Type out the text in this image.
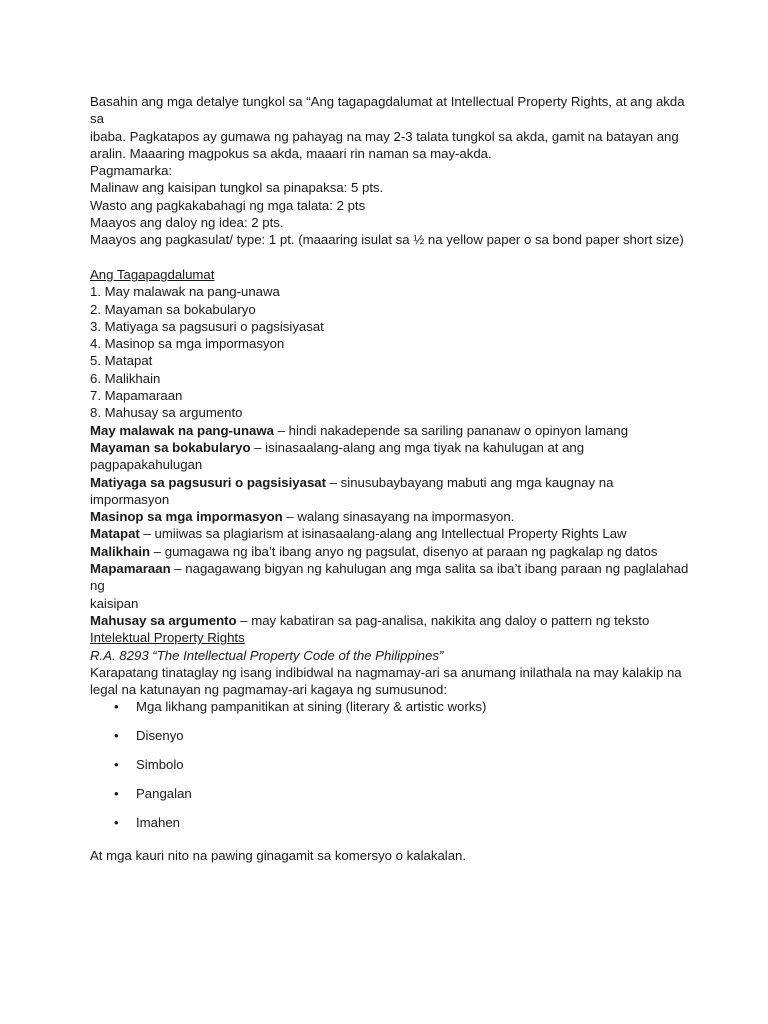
Basahin ang mga detalye tungkol sa “Ang tagapagdalumat at Intellectual Property Rights, at ang akda sa

ibaba. Pagkatapos ay gumawa ng pahayag na may 2-3 talata tungkol sa akda, gamit na batayan ang

aralin. Maaaring magpokus sa akda, maaari rin naman sa may-akda.

Pagmamarka:

Malinaw ang kaisipan tungkol sa pinapaksa: 5 pts.

Wasto ang pagkakabahagi ng mga talata: 2 pts

Maayos ang daloy ng idea: 2 pts.

Maayos ang pagkasulat/ type: 1 pt. (maaaring isulat sa ½ na yellow paper o sa bond paper short size)

Ang Tagapagdalumat

1. May malawak na pang-unawa

2. Mayaman sa bokabularyo

3. Matiyaga sa pagsusuri o pagsisiyasat

4. Masinop sa mga impormasyon

5. Matapat

6. Malikhain

7. Mapamaraan

8. Mahusay sa argumento

May malawak na pang-unawa – hindi nakadepende sa sariling pananaw o opinyon lamang

Mayaman sa bokabularyo – isinasaalang-alang ang mga tiyak na kahulugan at ang pagpapakahulugan

Matiyaga sa pagsusuri o pagsisiyasat – sinusubaybayang mabuti ang mga kaugnay na impormasyon

Masinop sa mga impormasyon – walang sinasayang na impormasyon.

Matapat – umiiwas sa plagiarism at isinasaalang-alang ang Intellectual Property Rights Law

Malikhain – gumagawa ng iba’t ibang anyo ng pagsulat, disenyo at paraan ng pagkalap ng datos

Mapamaraan – nagagawang bigyan ng kahulugan ang mga salita sa iba’t ibang paraan ng paglalahad ng

kaisipan

Mahusay sa argumento – may kabatiran sa pag-analisa, nakikita ang daloy o pattern ng teksto

Intelektual Property Rights

R.A. 8293 “The Intellectual Property Code of the Philippines”

Karapatang tinataglay ng isang indibidwal na nagmamay-ari sa anumang inilathala na may kalakip na

legal na katunayan ng pagmamay-ari kagaya ng sumusunod:

• Mga likhang pampanitikan at sining (literary & artistic works)
• Disenyo
• Simbolo
• Pangalan
• Imahen

At mga kauri nito na pawing ginagamit sa komersyo o kalakalan.
